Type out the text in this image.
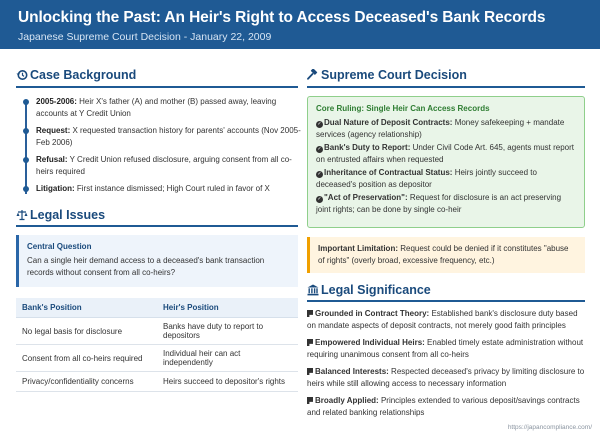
Unlocking the Past: An Heir's Right to Access Deceased's Bank Records
Japanese Supreme Court Decision - January 22, 2009
Case Background
2005-2006: Heir X's father (A) and mother (B) passed away, leaving accounts at Y Credit Union
Request: X requested transaction history for parents' accounts (Nov 2005-Feb 2006)
Refusal: Y Credit Union refused disclosure, arguing consent from all co-heirs required
Litigation: First instance dismissed; High Court ruled in favor of X
Legal Issues
Central Question
Can a single heir demand access to a deceased's bank transaction records without consent from all co-heirs?
Bank's Position	Heir's Position
No legal basis for disclosure	Banks have duty to report to depositors
Consent from all co-heirs required	Individual heir can act independently
Privacy/confidentiality concerns	Heirs succeed to depositor's rights
Supreme Court Decision
Core Ruling: Single Heir Can Access Records
✓ Dual Nature of Deposit Contracts: Money safekeeping + mandate services (agency relationship)
✓ Bank's Duty to Report: Under Civil Code Art. 645, agents must report on entrusted affairs when requested
✓ Inheritance of Contractual Status: Heirs jointly succeed to deceased's position as depositor
✓ "Act of Preservation": Request for disclosure is an act preserving joint rights; can be done by single co-heir
Important Limitation: Request could be denied if it constitutes "abuse of rights" (overly broad, excessive frequency, etc.)
Legal Significance
Grounded in Contract Theory: Established bank's disclosure duty based on mandate aspects of deposit contracts, not merely good faith principles
Empowered Individual Heirs: Enabled timely estate administration without requiring unanimous consent from all co-heirs
Balanced Interests: Respected deceased's privacy by limiting disclosure to heirs while still allowing access to necessary information
Broadly Applied: Principles extended to various deposit/savings contracts and related banking relationships
https://japancompliance.com/
